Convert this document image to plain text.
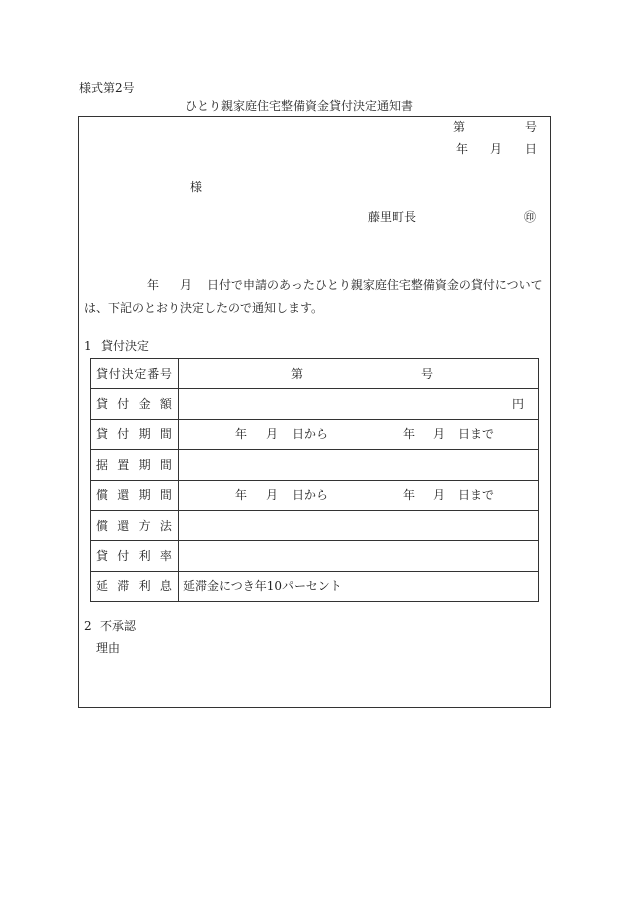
様式第2号
ひとり親家庭住宅整備資金貸付決定通知書
第	号
年 月 日
様
藤里町長	㊞
年 月 日付で申請のあったひとり親家庭住宅整備資金の貸付について
は、下記のとおり決定したので通知します。
1 貸付決定
貸付決定番号	第	号
貸付金額	円
貸付期間	年 月 日から	年 月 日まで
据置期間
償還期間	年 月 日から	年 月 日まで
償還方法
貸付利率
延滞利息 延滞金につき年10パーセント
2 不承認
理由
